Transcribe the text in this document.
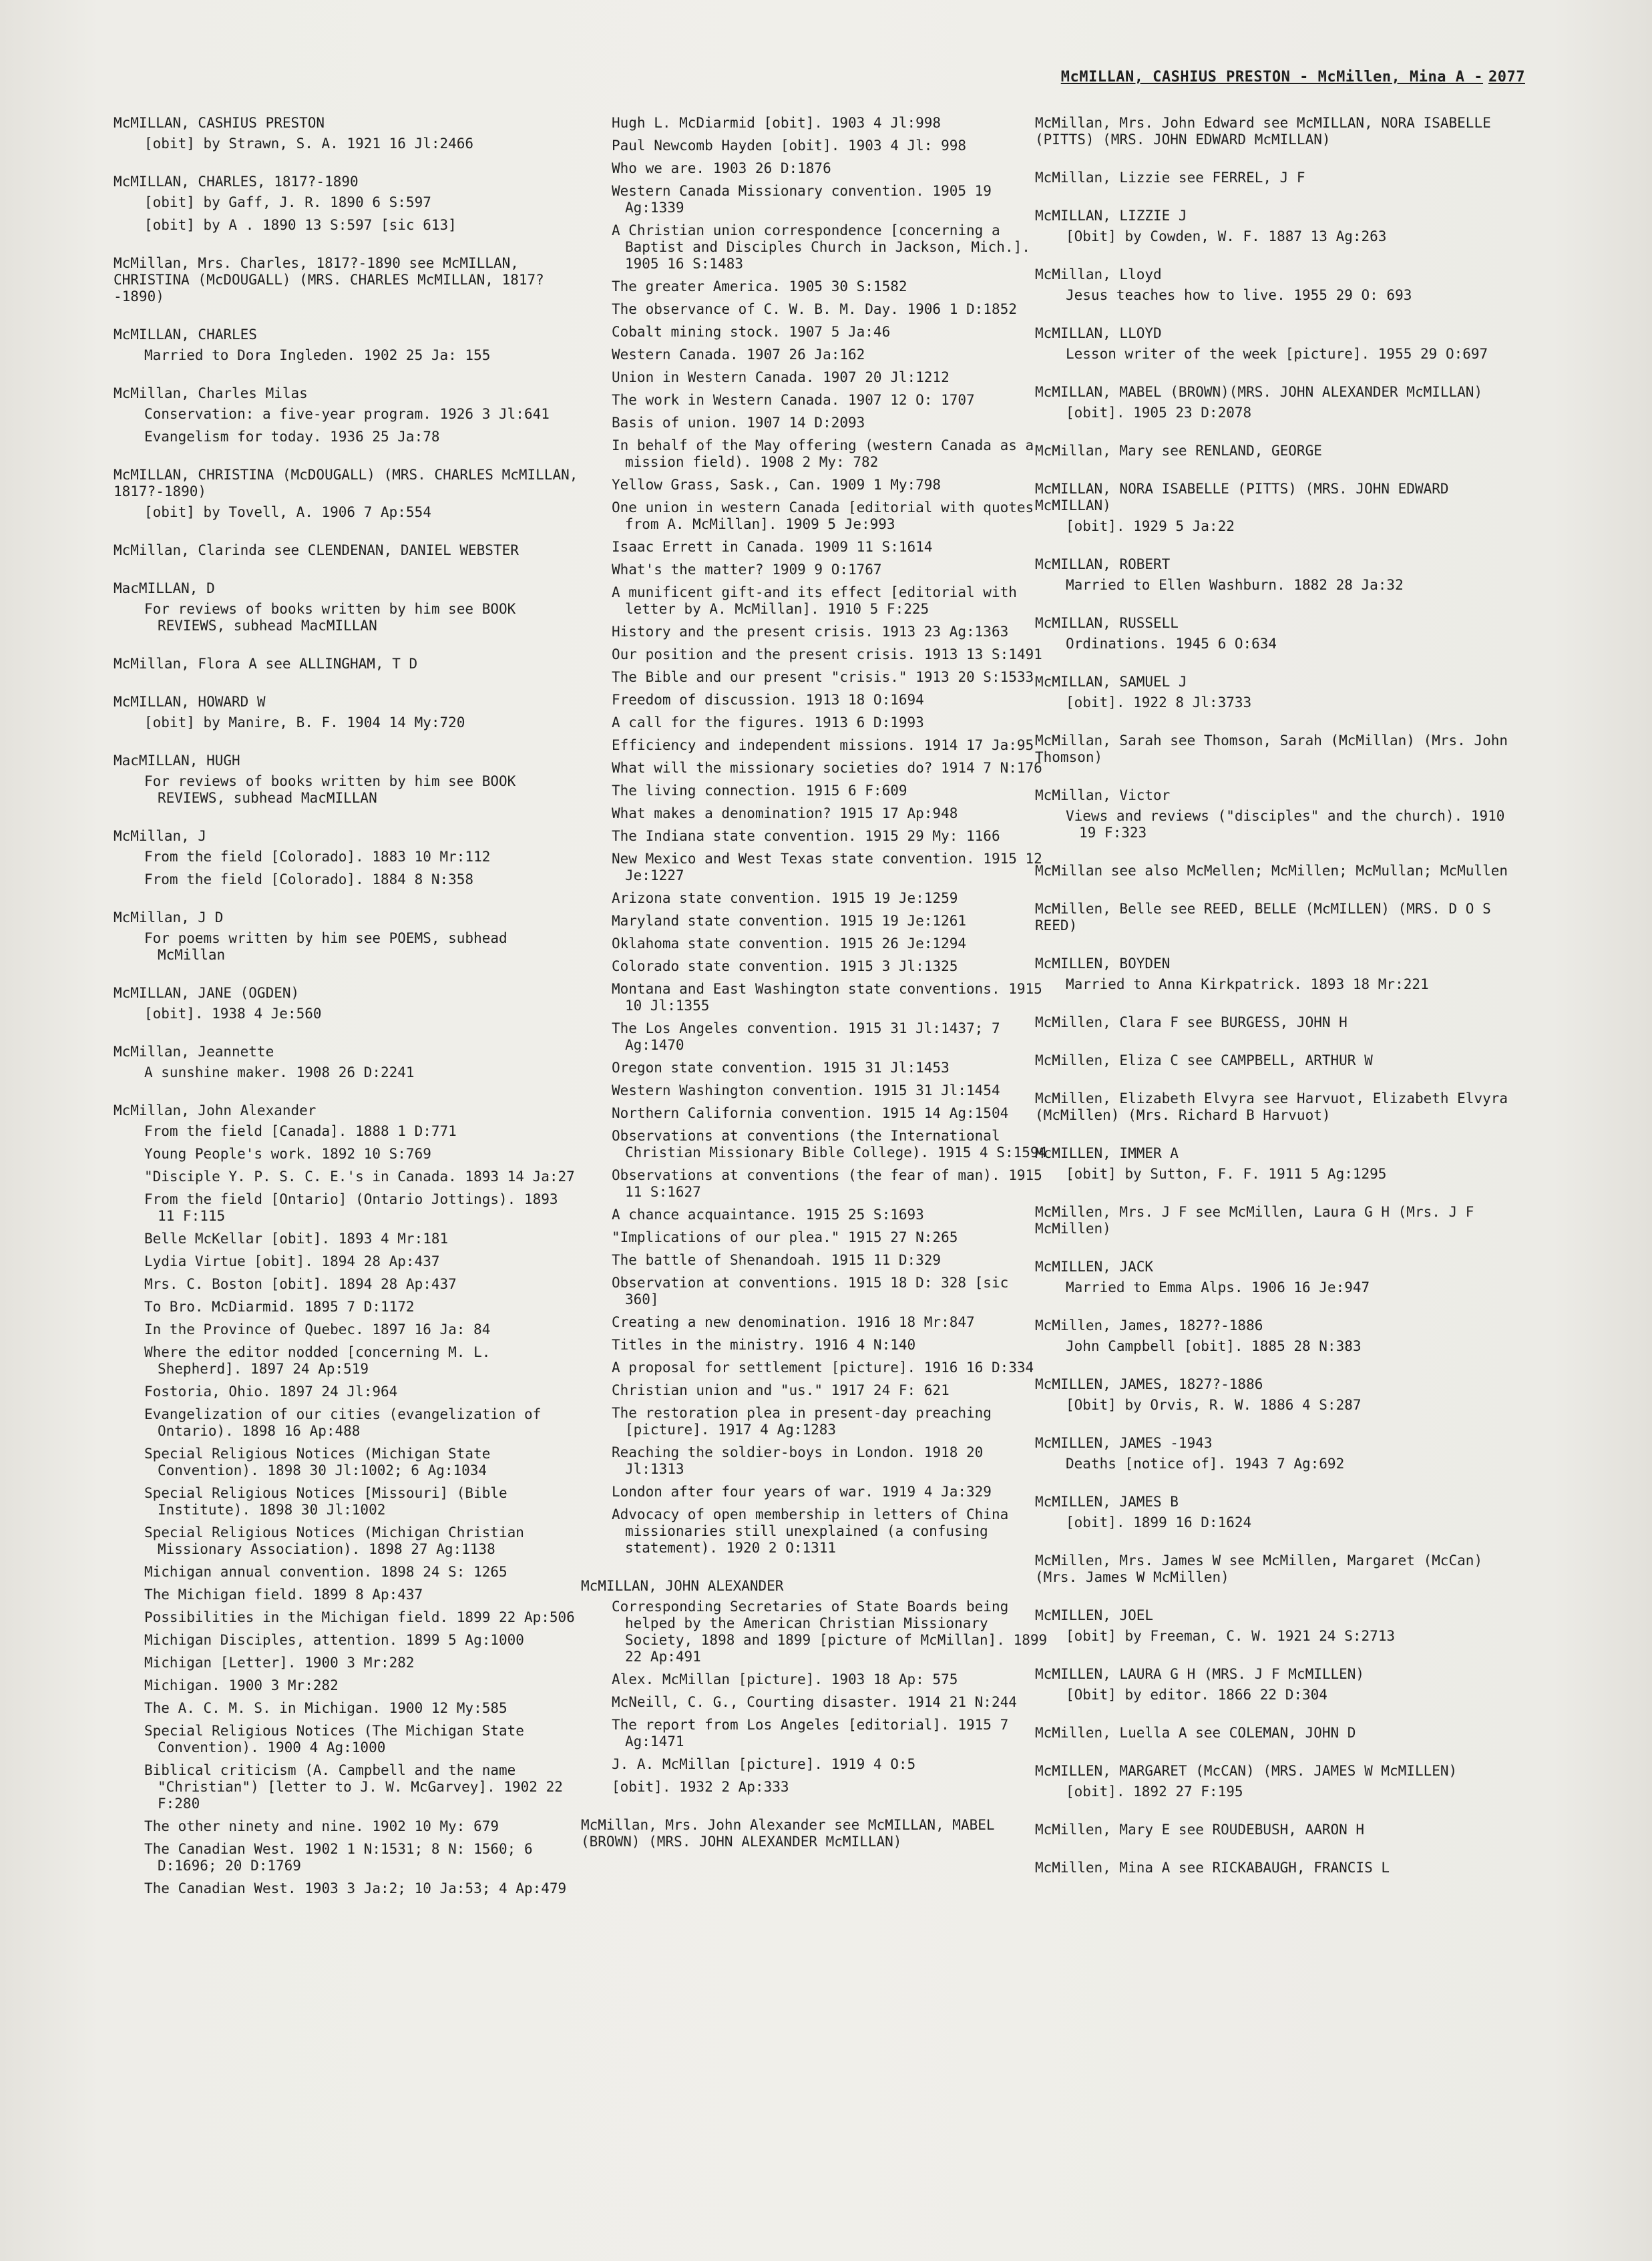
McMILLAN, CASHIUS PRESTON - McMillen, Mina A - 2077
McMILLAN, CASHIUS PRESTON
[obit] by Strawn, S. A. 1921 16 Jl:2466
McMILLAN, CHARLES, 1817?-1890
[obit] by Gaff, J. R. 1890 6 S:597
[obit] by A . 1890 13 S:597 [sic 613]
McMillan, Mrs. Charles, 1817?-1890 see McMILLAN, CHRISTINA (McDOUGALL) (MRS. CHARLES McMILLAN, 1817?-1890)
McMILLAN, CHARLES
Married to Dora Ingleden. 1902 25 Ja: 155
McMillan, Charles Milas
Conservation: a five-year program. 1926 3 Jl:641
Evangelism for today. 1936 25 Ja:78
McMILLAN, CHRISTINA (McDOUGALL) (MRS. CHARLES McMILLAN, 1817?-1890)
[obit] by Tovell, A. 1906 7 Ap:554
McMillan, Clarinda see CLENDENAN, DANIEL WEBSTER
MacMILLAN, D
For reviews of books written by him see BOOK REVIEWS, subhead MacMILLAN
McMillan, Flora A see ALLINGHAM, T D
McMILLAN, HOWARD W
[obit] by Manire, B. F. 1904 14 My:720
MacMILLAN, HUGH
For reviews of books written by him see BOOK REVIEWS, subhead MacMILLAN
McMillan, J
From the field [Colorado]. 1883 10 Mr:112
From the field [Colorado]. 1884 8 N:358
McMillan, J D
For poems written by him see POEMS, subhead McMillan
McMILLAN, JANE (OGDEN)
[obit]. 1938 4 Je:560
McMillan, Jeannette
A sunshine maker. 1908 26 D:2241
McMillan, John Alexander
From the field [Canada]. 1888 1 D:771
Young People's work. 1892 10 S:769
"Disciple Y. P. S. C. E.'s in Canada. 1893 14 Ja:27
From the field [Ontario] (Ontario Jottings). 1893 11 F:115
Belle McKellar [obit]. 1893 4 Mr:181
Lydia Virtue [obit]. 1894 28 Ap:437
Mrs. C. Boston [obit]. 1894 28 Ap:437
To Bro. McDiarmid. 1895 7 D:1172
In the Province of Quebec. 1897 16 Ja: 84
Where the editor nodded [concerning M. L. Shepherd]. 1897 24 Ap:519
Fostoria, Ohio. 1897 24 Jl:964
Evangelization of our cities (evangelization of Ontario). 1898 16 Ap:488
Special Religious Notices (Michigan State Convention). 1898 30 Jl:1002; 6 Ag:1034
Special Religious Notices [Missouri] (Bible Institute). 1898 30 Jl:1002
Special Religious Notices (Michigan Christian Missionary Association). 1898 27 Ag:1138
Michigan annual convention. 1898 24 S: 1265
The Michigan field. 1899 8 Ap:437
Possibilities in the Michigan field. 1899 22 Ap:506
Michigan Disciples, attention. 1899 5 Ag:1000
Michigan [Letter]. 1900 3 Mr:282
Michigan. 1900 3 Mr:282
The A. C. M. S. in Michigan. 1900 12 My:585
Special Religious Notices (The Michigan State Convention). 1900 4 Ag:1000
Biblical criticism (A. Campbell and the name "Christian") [letter to J. W. McGarvey]. 1902 22 F:280
The other ninety and nine. 1902 10 My: 679
The Canadian West. 1902 1 N:1531; 8 N: 1560; 6 D:1696; 20 D:1769
The Canadian West. 1903 3 Ja:2; 10 Ja:53; 4 Ap:479
Hugh L. McDiarmid [obit]. 1903 4 Jl:998
Paul Newcomb Hayden [obit]. 1903 4 Jl: 998
Who we are. 1903 26 D:1876
Western Canada Missionary convention. 1905 19 Ag:1339
A Christian union correspondence [concerning a Baptist and Disciples Church in Jackson, Mich.]. 1905 16 S:1483
The greater America. 1905 30 S:1582
The observance of C. W. B. M. Day. 1906 1 D:1852
Cobalt mining stock. 1907 5 Ja:46
Western Canada. 1907 26 Ja:162
Union in Western Canada. 1907 20 Jl:1212
The work in Western Canada. 1907 12 O: 1707
Basis of union. 1907 14 D:2093
In behalf of the May offering (western Canada as a mission field). 1908 2 My: 782
Yellow Grass, Sask., Can. 1909 1 My:798
One union in western Canada [editorial with quotes from A. McMillan]. 1909 5 Je:993
Isaac Errett in Canada. 1909 11 S:1614
What's the matter? 1909 9 O:1767
A munificent gift-and its effect [editorial with letter by A. McMillan]. 1910 5 F:225
History and the present crisis. 1913 23 Ag:1363
Our position and the present crisis. 1913 13 S:1491
The Bible and our present "crisis." 1913 20 S:1533
Freedom of discussion. 1913 18 O:1694
A call for the figures. 1913 6 D:1993
Efficiency and independent missions. 1914 17 Ja:95
What will the missionary societies do? 1914 7 N:176
The living connection. 1915 6 F:609
What makes a denomination? 1915 17 Ap:948
The Indiana state convention. 1915 29 My: 1166
New Mexico and West Texas state convention. 1915 12 Je:1227
Arizona state convention. 1915 19 Je:1259
Maryland state convention. 1915 19 Je:1261
Oklahoma state convention. 1915 26 Je:1294
Colorado state convention. 1915 3 Jl:1325
Montana and East Washington state conventions. 1915 10 Jl:1355
The Los Angeles convention. 1915 31 Jl:1437; 7 Ag:1470
Oregon state convention. 1915 31 Jl:1453
Western Washington convention. 1915 31 Jl:1454
Northern California convention. 1915 14 Ag:1504
Observations at conventions (the International Christian Missionary Bible College). 1915 4 S:1594
Observations at conventions (the fear of man). 1915 11 S:1627
A chance acquaintance. 1915 25 S:1693
"Implications of our plea." 1915 27 N:265
The battle of Shenandoah. 1915 11 D:329
Observation at conventions. 1915 18 D: 328 [sic 360]
Creating a new denomination. 1916 18 Mr:847
Titles in the ministry. 1916 4 N:140
A proposal for settlement [picture]. 1916 16 D:334
Christian union and "us." 1917 24 F: 621
The restoration plea in present-day preaching [picture]. 1917 4 Ag:1283
Reaching the soldier-boys in London. 1918 20 Jl:1313
London after four years of war. 1919 4 Ja:329
Advocacy of open membership in letters of China missionaries still unexplained (a confusing statement). 1920 2 O:1311
McMILLAN, JOHN ALEXANDER
Corresponding Secretaries of State Boards being helped by the American Christian Missionary Society, 1898 and 1899 [picture of McMillan]. 1899 22 Ap:491
Alex. McMillan [picture]. 1903 18 Ap: 575
McNeill, C. G., Courting disaster. 1914 21 N:244
The report from Los Angeles [editorial]. 1915 7 Ag:1471
J. A. McMillan [picture]. 1919 4 O:5
[obit]. 1932 2 Ap:333
McMillan, Mrs. John Alexander see McMILLAN, MABEL (BROWN) (MRS. JOHN ALEXANDER McMILLAN)
McMillan, Mrs. John Edward see McMILLAN, NORA ISABELLE (PITTS) (MRS. JOHN EDWARD McMILLAN)
McMillan, Lizzie see FERREL, J F
McMILLAN, LIZZIE J
[Obit] by Cowden, W. F. 1887 13 Ag:263
McMillan, Lloyd
Jesus teaches how to live. 1955 29 O: 693
McMILLAN, LLOYD
Lesson writer of the week [picture]. 1955 29 O:697
McMILLAN, MABEL (BROWN)(MRS. JOHN ALEXANDER McMILLAN)
[obit]. 1905 23 D:2078
McMillan, Mary see RENLAND, GEORGE
McMILLAN, NORA ISABELLE (PITTS) (MRS. JOHN EDWARD McMILLAN)
[obit]. 1929 5 Ja:22
McMILLAN, ROBERT
Married to Ellen Washburn. 1882 28 Ja:32
McMILLAN, RUSSELL
Ordinations. 1945 6 O:634
McMILLAN, SAMUEL J
[obit]. 1922 8 Jl:3733
McMillan, Sarah see Thomson, Sarah (McMillan) (Mrs. John Thomson)
McMillan, Victor
Views and reviews ("disciples" and the church). 1910 19 F:323
McMillan see also McMellen; McMillen; McMullan; McMullen
McMillen, Belle see REED, BELLE (McMILLEN) (MRS. D O S REED)
McMILLEN, BOYDEN
Married to Anna Kirkpatrick. 1893 18 Mr:221
McMillen, Clara F see BURGESS, JOHN H
McMillen, Eliza C see CAMPBELL, ARTHUR W
McMillen, Elizabeth Elvyra see Harvuot, Elizabeth Elvyra (McMillen) (Mrs. Richard B Harvuot)
McMILLEN, IMMER A
[obit] by Sutton, F. F. 1911 5 Ag:1295
McMillen, Mrs. J F see McMillen, Laura G H (Mrs. J F McMillen)
McMILLEN, JACK
Married to Emma Alps. 1906 16 Je:947
McMillen, James, 1827?-1886
John Campbell [obit]. 1885 28 N:383
McMILLEN, JAMES, 1827?-1886
[Obit] by Orvis, R. W. 1886 4 S:287
McMILLEN, JAMES -1943
Deaths [notice of]. 1943 7 Ag:692
McMILLEN, JAMES B
[obit]. 1899 16 D:1624
McMillen, Mrs. James W see McMillen, Margaret (McCan) (Mrs. James W McMillen)
McMILLEN, JOEL
[obit] by Freeman, C. W. 1921 24 S:2713
McMILLEN, LAURA G H (MRS. J F McMILLEN)
[Obit] by editor. 1866 22 D:304
McMillen, Luella A see COLEMAN, JOHN D
McMILLEN, MARGARET (McCAN) (MRS. JAMES W McMILLEN)
[obit]. 1892 27 F:195
McMillen, Mary E see ROUDEBUSH, AARON H
McMillen, Mina A see RICKABAUGH, FRANCIS L
